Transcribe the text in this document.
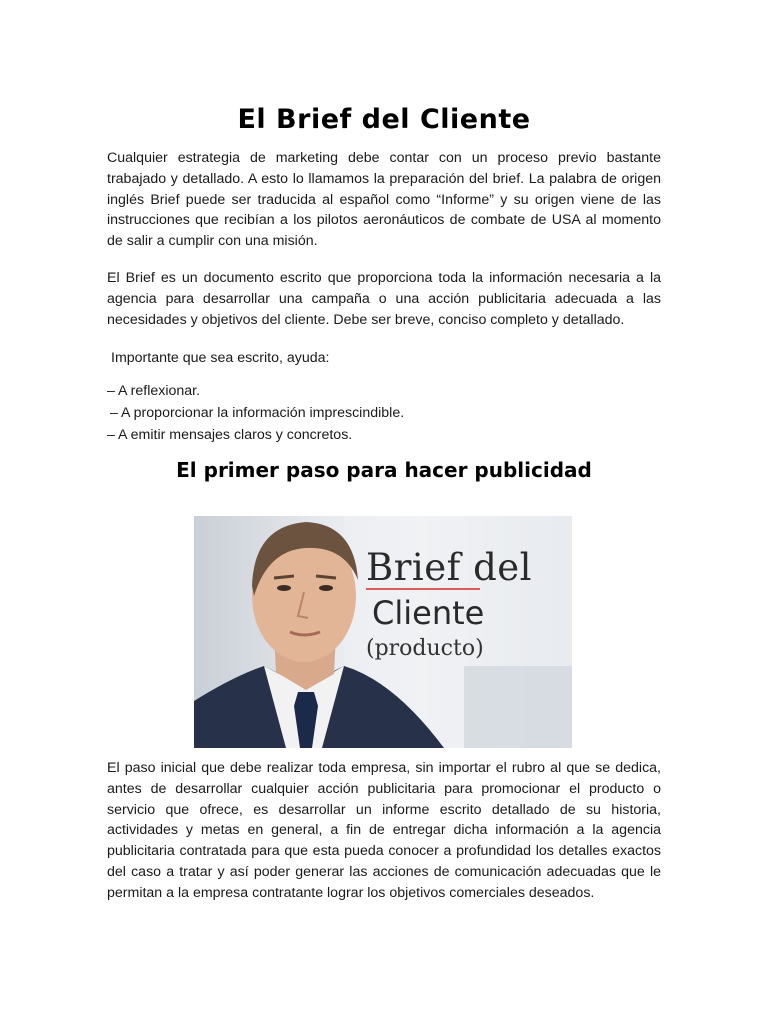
El Brief del Cliente

Cualquier estrategia de marketing debe contar con un proceso previo bastante trabajado y detallado. A esto lo llamamos la preparación del brief. La palabra de origen inglés Brief puede ser traducida al español como “Informe” y su origen viene de las instrucciones que recibían a los pilotos aeronáuticos de combate de USA al momento de salir a cumplir con una misión.

El Brief es un documento escrito que proporciona toda la información necesaria a la agencia para desarrollar una campaña o una acción publicitaria adecuada a las necesidades y objetivos del cliente. Debe ser breve, conciso completo y detallado.

Importante que sea escrito, ayuda:

– A reflexionar.
– A proporcionar la información imprescindible.
– A emitir mensajes claros y concretos.
El primer paso para hacer publicidad
Brief del
Cliente
(producto)

El paso inicial que debe realizar toda empresa, sin importar el rubro al que se dedica, antes de desarrollar cualquier acción publicitaria para promocionar el producto o servicio que ofrece, es desarrollar un informe escrito detallado de su historia, actividades y metas en general, a fin de entregar dicha información a la agencia publicitaria contratada para que esta pueda conocer a profundidad los detalles exactos del caso a tratar y así poder generar las acciones de comunicación adecuadas que le permitan a la empresa contratante lograr los objetivos comerciales deseados.
